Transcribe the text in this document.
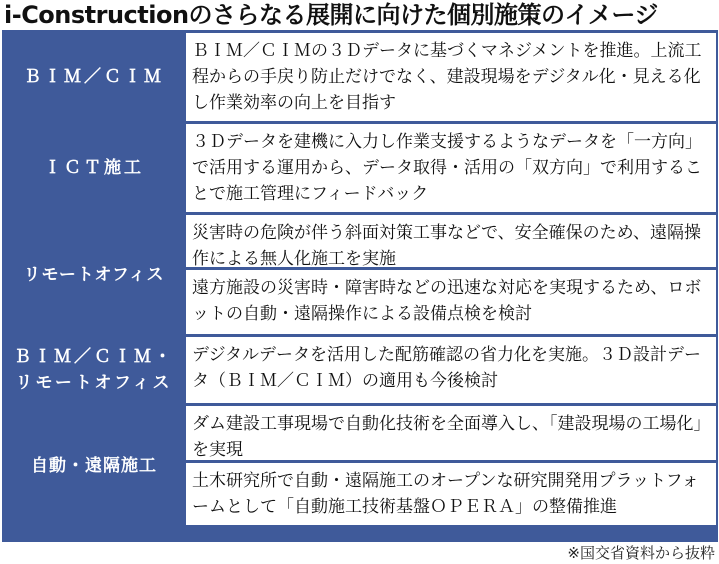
i-Constructionのさらなる展開に向けた個別施策のイメージ
ＢＩＭ／ＣＩＭ
ＢＩＭ／ＣＩＭの３Ｄデータに基づくマネジメントを推進。上流工程からの手戻り防止だけでなく、建設現場をデジタル化・見える化し作業効率の向上を目指す
ＩＣＴ施工
３Ｄデータを建機に入力し作業支援するようなデータを「一方向」で活用する運用から、データ取得・活用の「双方向」で利用することで施工管理にフィードバック
リモートオフィス
災害時の危険が伴う斜面対策工事などで、安全確保のため、遠隔操作による無人化施工を実施
遠方施設の災害時・障害時などの迅速な対応を実現するため、ロボットの自動・遠隔操作による設備点検を検討
ＢＩＭ／ＣＩＭ・リモートオフィス
デジタルデータを活用した配筋確認の省力化を実施。３Ｄ設計データ（ＢＩＭ／ＣＩＭ）の適用も今後検討
自動・遠隔施工
ダム建設工事現場で自動化技術を全面導入し、「建設現場の工場化」を実現
土木研究所で自動・遠隔施工のオープンな研究開発用プラットフォームとして「自動施工技術基盤ＯＰＥＲＡ」の整備推進
※国交省資料から抜粋
